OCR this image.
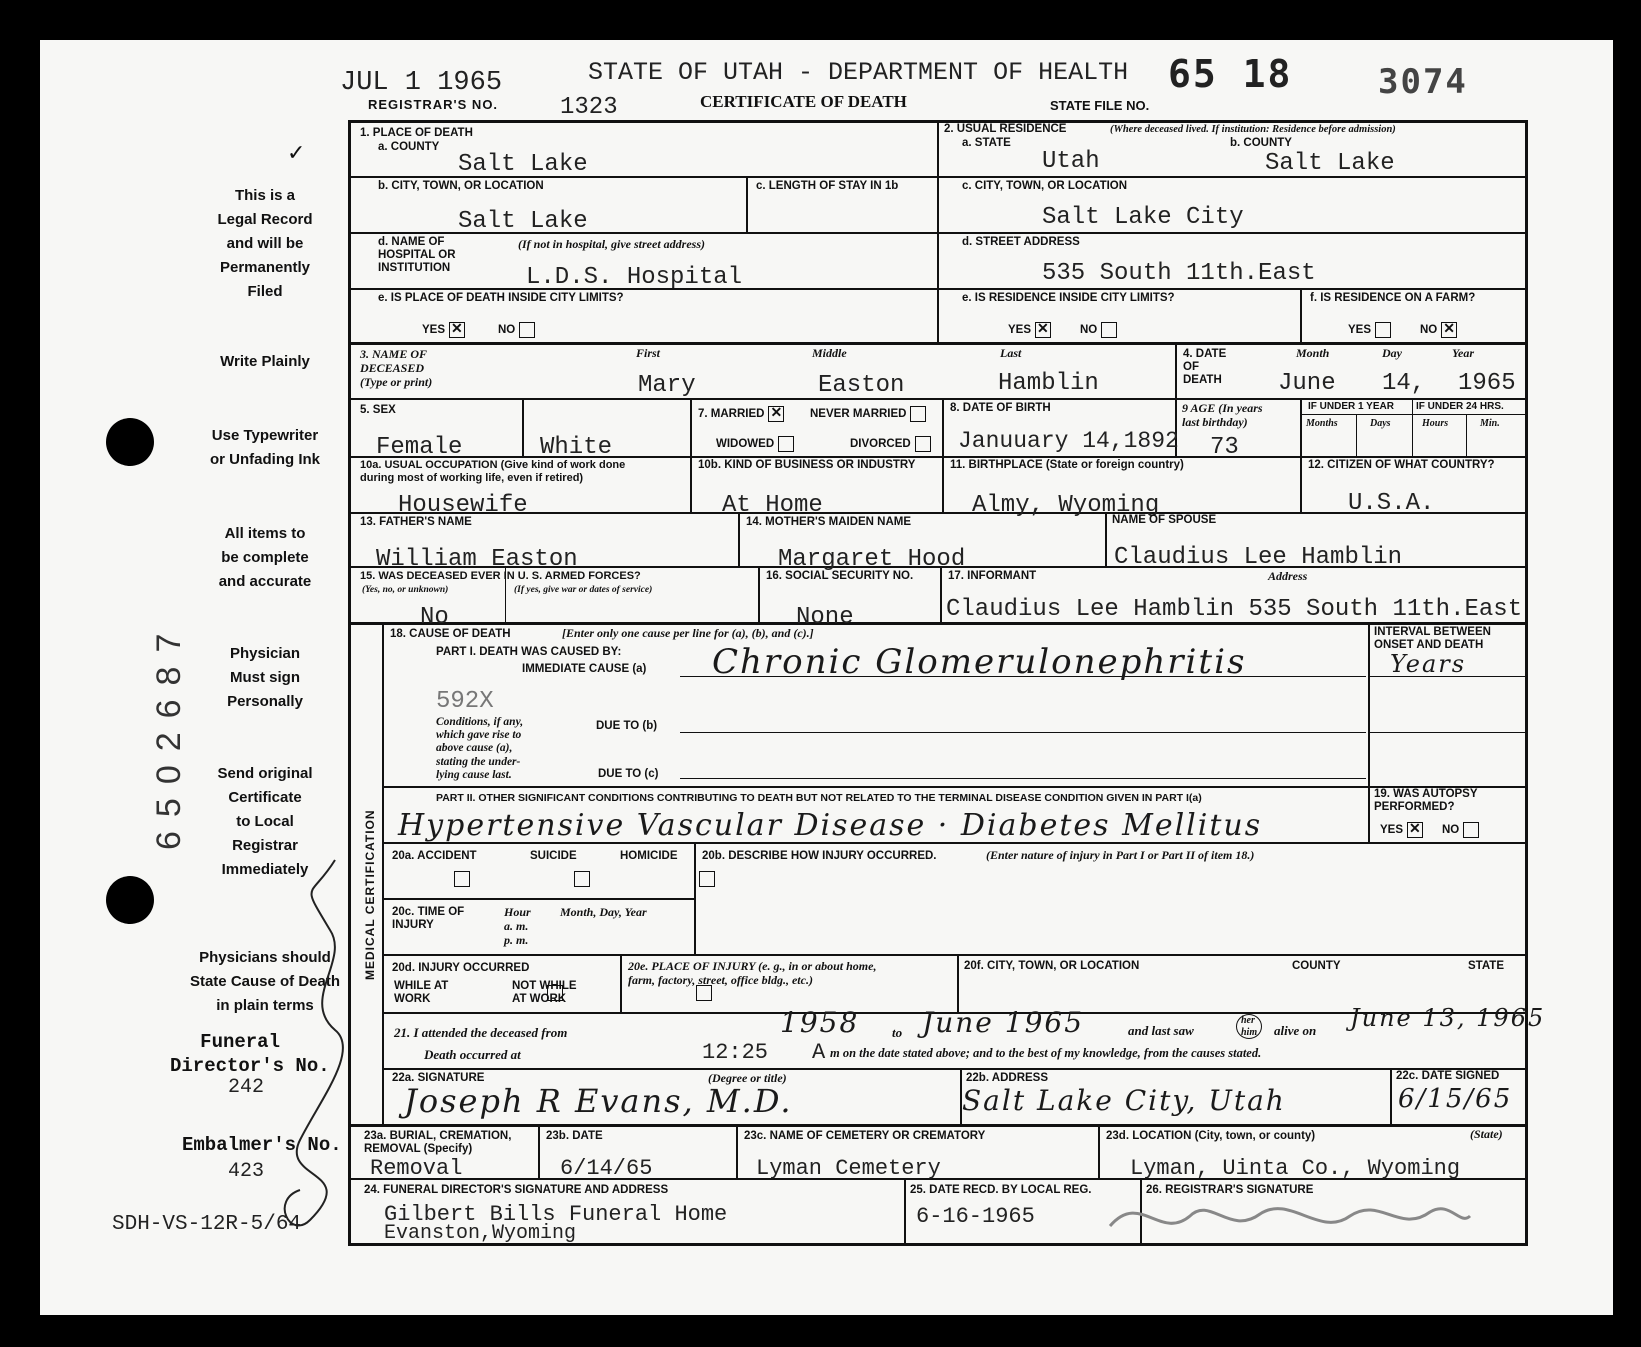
JUL 1 1965
REGISTRAR'S NO.	1323
STATE OF UTAH - DEPARTMENT OF HEALTH
CERTIFICATE OF DEATH	STATE FILE NO.
65 18	3074
✓
This is a
Legal Record
and will be
Permanently
Filed
Write Plainly
Use Typewriter
or Unfading Ink
All items to
be complete
and accurate
Physician
Must sign
Personally
Send original
Certificate
to Local
Registrar
Immediately
Physicians should
State Cause of Death
in plain terms
6502687
Funeral
Director's
242
Embalmer's No.
423
SDH-VS-12R-5/64
1. PLACE OF DEATH
a. COUNTY
Salt Lake
2. USUAL RESIDENCE	(Where deceased lived. If institution: Residence before admission)
a. STATE	b. COUNTY
Utah	Salt Lake
b. CITY, TOWN, OR LOCATION
Salt Lake
c. LENGTH OF STAY IN 1b	c. CITY, TOWN, OR LOCATION
Salt Lake City
d. NAME OF
HOSPITAL OR
INSTITUTION
(If not in hospital, give street address)
L.D.S. Hospital
d. STREET ADDRESS
535 South 11th.East
e. IS PLACE OF DEATH INSIDE CITY LIMITS?
YES ✕	NO
e. IS RESIDENCE INSIDE CITY LIMITS?
YES ✕	NO
f. IS RESIDENCE ON A FARM?
YES	NO✕
3. NAME OF
DECEASED
(Type or print)
First	Middle	Last
Mary	Easton	Hamblin
4. DATE
OF
DEATH
Month	Day	Year
June 14, 1965
5. SEX
Female	White
7. MARRIED ✕	NEVER MARRIED
WIDOWED	DIVORCED
8. DATE OF BIRTH
Januuary 14,1892
9 AGE (In years
last birthday)
73
IF UNDER 1 YEAR IF UNDER 24 HRS.
Months	Days	Hours	Min.
10a. USUAL OCCUPATION (Give kind of work done
during most of working life, even if retired)
Housewife
10b. KIND OF BUSINESS OR INDUSTRY
At Home
11. BIRTHPLACE (State or foreign country)
Almy, Wyoming
12. CITIZEN OF WHAT COUNTRY?
U.S.A.
13. FATHER'S NAME
William Easton
14. MOTHER'S MAIDEN NAME
Margaret Hood
NAME OF SPOUSE
Claudius Lee Hamblin
15. WAS DECEASED EVER IN U. S. ARMED FORCES?
(Yes, no, or unknown)	(If yes, give war or dates of service)
No
16. SOCIAL SECURITY NO.
None
17. INFORMANT	Address
Claudius Lee Hamblin 535 South 11th.East
MEDICAL CERTIFICATION
18. CAUSE OF DEATH	[Enter only one cause per line for (a), (b), and (c).]
PART I. DEATH WAS CAUSED BY:
IMMEDIATE CAUSE (a) Chronic Glomerulonephritis
592X
Conditions, if any,
which gave rise to
above cause (a),
stating the under-
lying cause last.
DUE TO (b)
DUE TO (c)
INTERVAL BETWEEN
ONSET AND DEATH
Years
PART II. OTHER SIGNIFICANT CONDITIONS CONTRIBUTING TO DEATH BUT NOT RELATED TO THE TERMINAL DISEASE CONDITION GIVEN IN PART I(a)
Hypertensive Vascular Disease · Diabetes Mellitus
19. WAS AUTOPSY
PERFORMED?
YES ✕	NO
20a. ACCIDENT	SUICIDE	HOMICIDE
20b. DESCRIBE HOW INJURY OCCURRED.	(Enter nature of injury in Part I or Part II of item 18.)
20c. TIME OF
INJURY
Hour
a. m.
p. m.
Month, Day, Year
20d. INJURY OCCURRED
WHILE AT
WORK

NOT WHILE
AT WORK
20e. PLACE OF INJURY (e. g., in or about home,
farm, factory, street, office bldg., etc.)
20f. CITY, TOWN, OR LOCATION	COUNTY	STATE
21. I attended the deceased from	1958	to June 1965	and last saw
her
him	alive on June 13, 1965
Death occurred at	12:25 A m on the date stated above; and to the best of my knowledge, from the causes stated.
22a. SIGNATURE	(Degree or title)
Joseph R Evans, M.D.
22b. ADDRESS
Salt Lake City, Utah
22c. DATE SIGNED
6/15/65
23a. BURIAL, CREMATION,
REMOVAL (Specify)
Removal
23b. DATE
6/14/65
23c. NAME OF CEMETERY OR CREMATORY
Lyman Cemetery
23d. LOCATION (City, town, or county)	(State)
Lyman, Uinta Co., Wyoming
24. FUNERAL DIRECTOR'S SIGNATURE AND ADDRESS
Gilbert Bills Funeral Home
Evanston,Wyoming
25. DATE RECD. BY LOCAL REG.
6-16-1965
26. REGISTRAR'S SIGNATURE
